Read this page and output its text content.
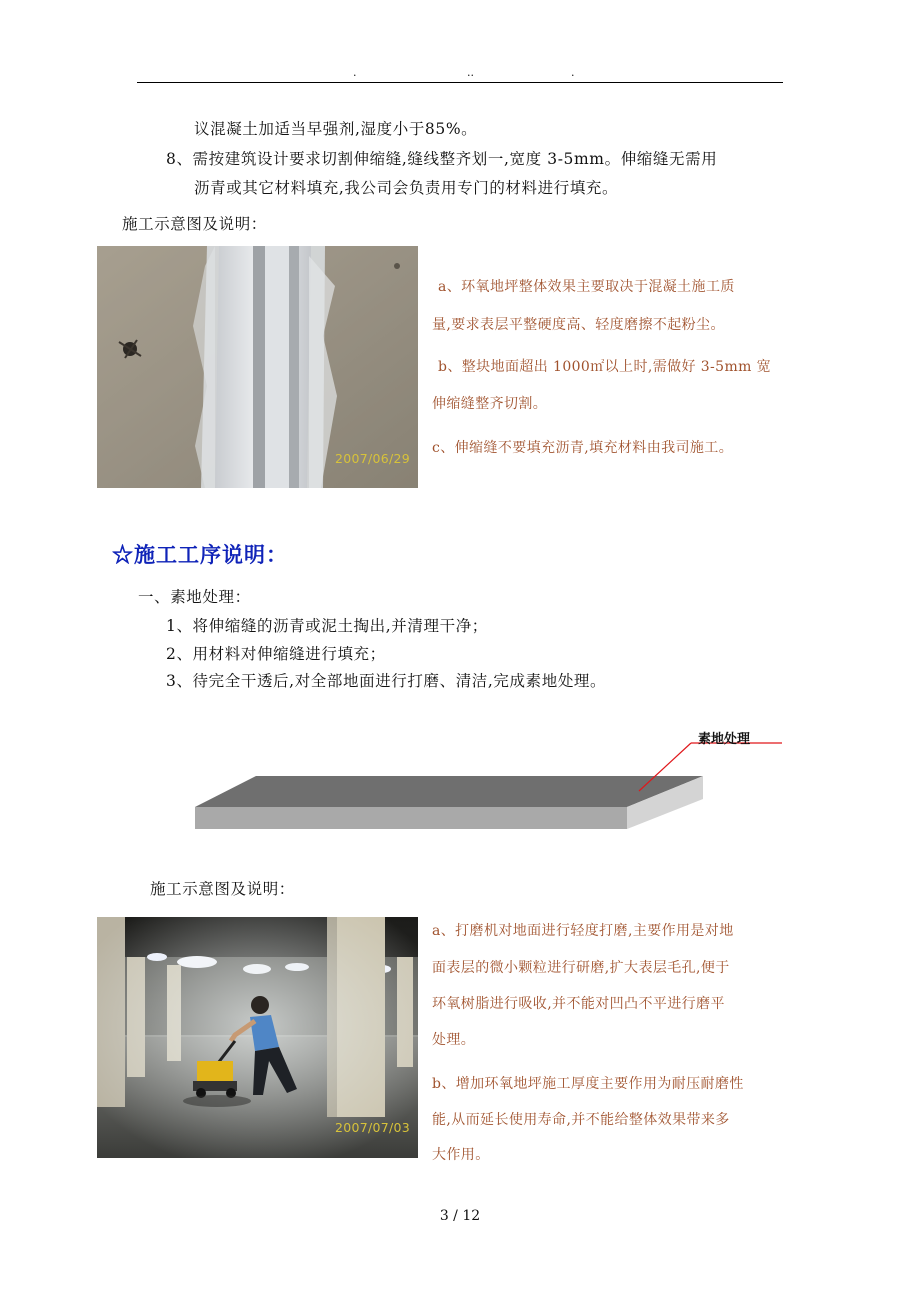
.	..	.
议混凝土加适当早强剂,湿度小于85%。
8、需按建筑设计要求切割伸缩缝,缝线整齐划一,宽度 3-5mm。伸缩缝无需用
沥青或其它材料填充,我公司会负责用专门的材料进行填充。
施工示意图及说明：
2007/06/29
a、环氧地坪整体效果主要取决于混凝土施工质
量,要求表层平整硬度高、轻度磨擦不起粉尘。
b、整块地面超出 1000㎡以上时,需做好 3-5mm 宽
伸缩缝整齐切割。
c、伸缩缝不要填充沥青,填充材料由我司施工。
☆施工工序说明：
一、素地处理：
1、将伸缩缝的沥青或泥土掏出,并清理干净；
2、用材料对伸缩缝进行填充；
3、待完全干透后,对全部地面进行打磨、清洁,完成素地处理。
素地处理
施工示意图及说明：
2007/07/03
a、打磨机对地面进行轻度打磨,主要作用是对地
面表层的微小颗粒进行研磨,扩大表层毛孔,便于
环氧树脂进行吸收,并不能对凹凸不平进行磨平
处理。
b、增加环氧地坪施工厚度主要作用为耐压耐磨性
能,从而延长使用寿命,并不能给整体效果带来多
大作用。
3 / 12
